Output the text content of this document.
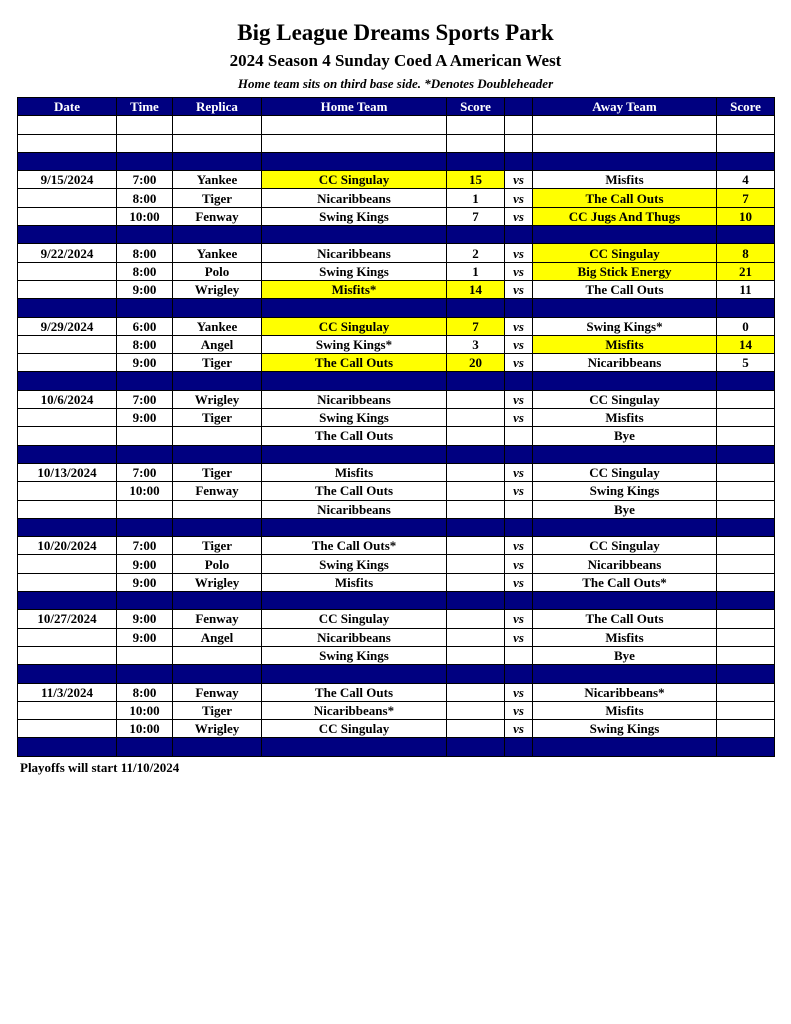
Big League Dreams Sports Park
2024 Season 4 Sunday Coed A American West
Home team sits on third base side. *Denotes Doubleheader
Date	Time	Replica	Home Team	Score		Away Team	Score

9/15/2024	7:00	Yankee	CC Singulay	15	vs	Misfits	4
	8:00	Tiger	Nicaribbeans	1	vs	The Call Outs	7
	10:00	Fenway	Swing Kings	7	vs	CC Jugs And Thugs	10

9/22/2024	8:00	Yankee	Nicaribbeans	2	vs	CC Singulay	8
	8:00	Polo	Swing Kings	1	vs	Big Stick Energy	21
	9:00	Wrigley	Misfits*	14	vs	The Call Outs	11

9/29/2024	6:00	Yankee	CC Singulay	7	vs	Swing Kings*	0
	8:00	Angel	Swing Kings*	3	vs	Misfits	14
	9:00	Tiger	The Call Outs	20	vs	Nicaribbeans	5

10/6/2024	7:00	Wrigley	Nicaribbeans		vs	CC Singulay	
	9:00	Tiger	Swing Kings		vs	Misfits	
			The Call Outs			Bye	

10/13/2024	7:00	Tiger	Misfits		vs	CC Singulay	
	10:00	Fenway	The Call Outs		vs	Swing Kings	
			Nicaribbeans			Bye	

10/20/2024	7:00	Tiger	The Call Outs*		vs	CC Singulay	
	9:00	Polo	Swing Kings		vs	Nicaribbeans	
	9:00	Wrigley	Misfits		vs	The Call Outs*	

10/27/2024	9:00	Fenway	CC Singulay		vs	The Call Outs	
	9:00	Angel	Nicaribbeans		vs	Misfits	
			Swing Kings			Bye	

11/3/2024	8:00	Fenway	The Call Outs		vs	Nicaribbeans*	
	10:00	Tiger	Nicaribbeans*		vs	Misfits	
	10:00	Wrigley	CC Singulay		vs	Swing Kings	

Playoffs will start 11/10/2024
